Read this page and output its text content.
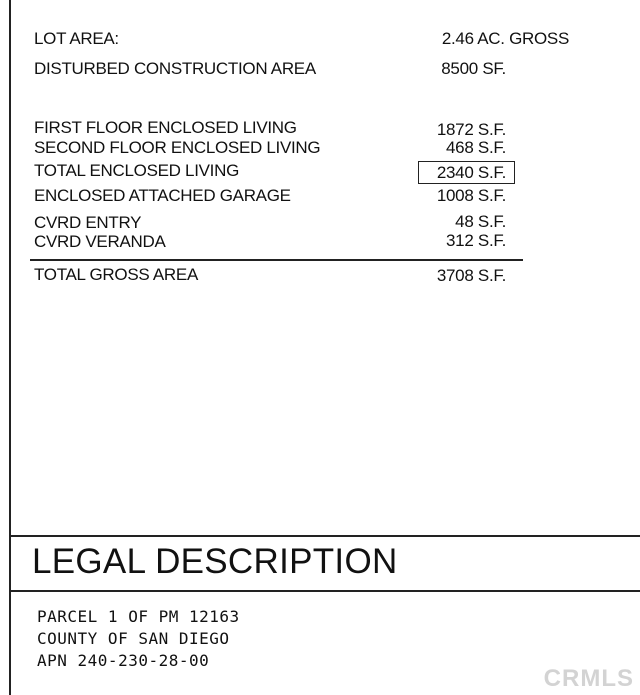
LOT AREA:	2.46 AC. GROSS
DISTURBED CONSTRUCTION AREA	8500 SF.
FIRST FLOOR ENCLOSED LIVING	1872 S.F.
SECOND FLOOR ENCLOSED LIVING	468 S.F.
TOTAL ENCLOSED LIVING	2340 S.F.
ENCLOSED ATTACHED GARAGE	1008 S.F.
CVRD ENTRY	48 S.F.
CVRD VERANDA	312 S.F.
TOTAL GROSS AREA	3708 S.F.
LEGAL DESCRIPTION
PARCEL 1 OF PM 12163
COUNTY OF SAN DIEGO
APN 240-230-28-00
CRMLS
